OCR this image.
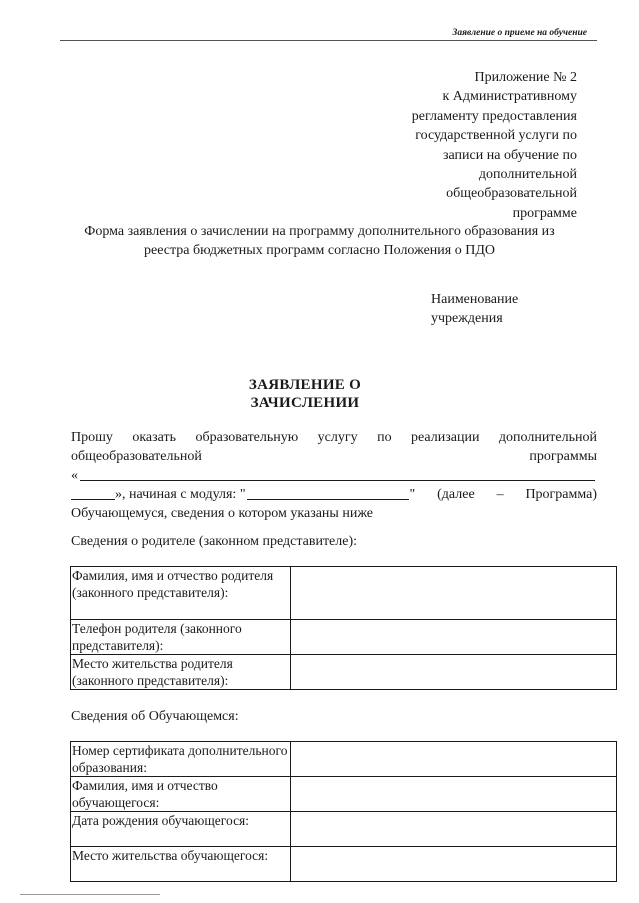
Заявление о приеме на обучение
Приложение № 2
к Административному
регламенту предоставления
государственной услуги по
записи на обучение по
дополнительной
общеобразовательной
программе
Форма заявления о зачислении на программу дополнительного образования из
реестра бюджетных программ согласно Положения о ПДО
Наименование
учреждения
ЗАЯВЛЕНИЕ О
ЗАЧИСЛЕНИИ
Прошу оказать образовательную услугу по реализации дополнительной
общеобразовательной	программы
«
»,
начиная с модуля: "	" (далее – Программа)
Обучающемуся, сведения о котором указаны ниже
Сведения о родителе (законном представителе):
Фамилия, имя и отчество родителя (законного представителя):	
Телефон родителя (законного представителя):	
Место жительства родителя (законного представителя):	
Сведения об Обучающемся:
Номер сертификата дополнительного образования:	
Фамилия, имя и отчество обучающегося:	
Дата рождения обучающегося:	
Место жительства обучающегося:	
